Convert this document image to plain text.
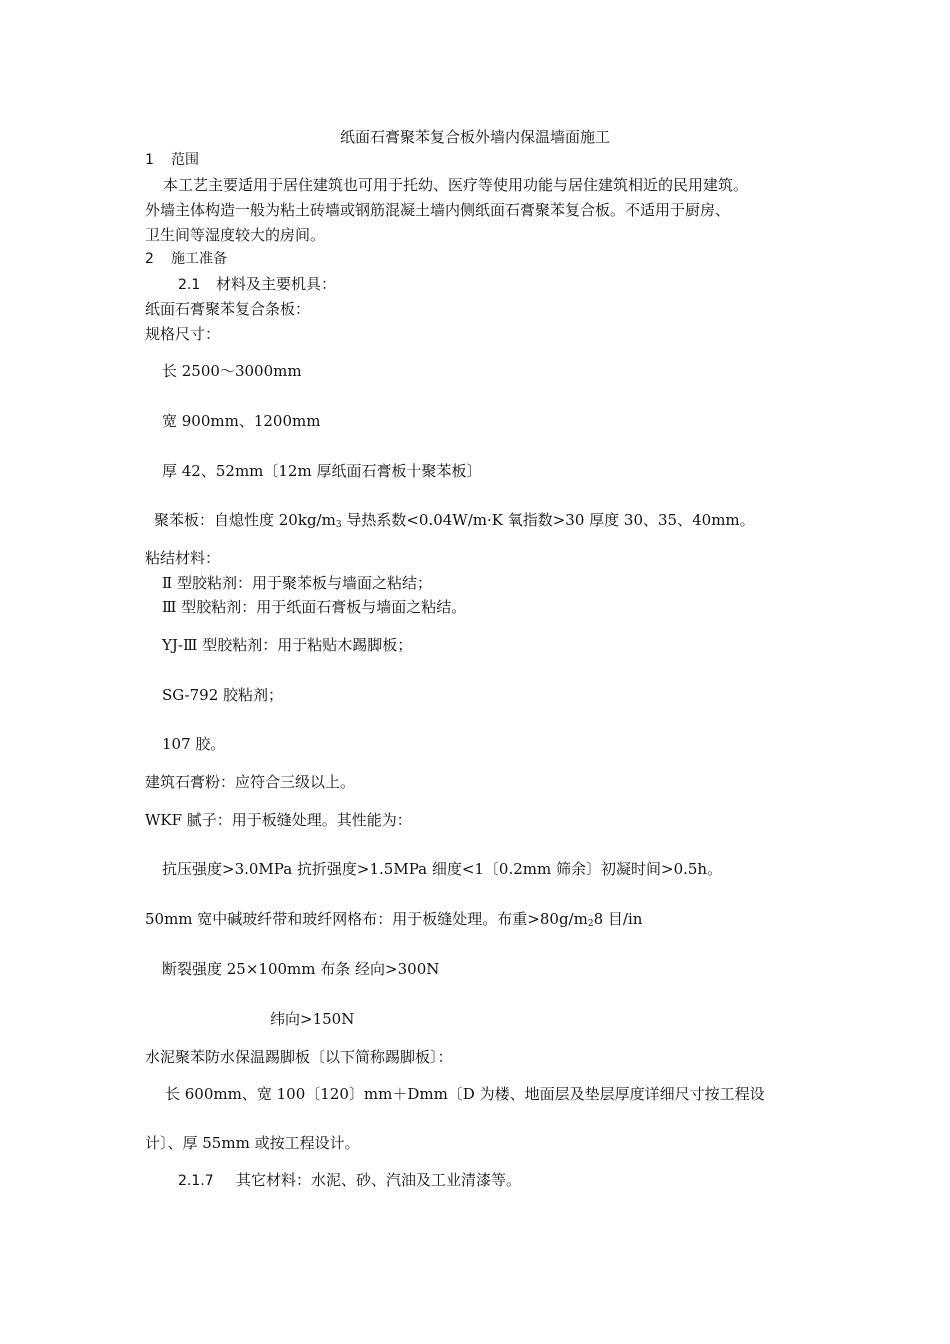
纸面石膏聚苯复合板外墙内保温墙面施工
1 范围
本工艺主要适用于居住建筑也可用于托幼、医疗等使用功能与居住建筑相近的民用建筑。
外墙主体构造一般为粘土砖墙或钢筋混凝土墙内侧纸面石膏聚苯复合板。不适用于厨房、
卫生间等湿度较大的房间。
2 施工准备
2.1 材料及主要机具：
纸面石膏聚苯复合条板：
规格尺寸：
长 2500～3000mm
宽 900mm、1200mm
厚 42、52mm〔12m 厚纸面石膏板十聚苯板〕
聚苯板：自熄性度 $20kg/m_3$ 导热系数<0.04W/m·K 氧指数>30 厚度 30、35、40mm。
粘结材料：
Ⅱ 型胶粘剂：用于聚苯板与墙面之粘结；
Ⅲ 型胶粘剂：用于纸面石膏板与墙面之粘结。
YJ-Ⅲ 型胶粘剂：用于粘贴木踢脚板；
SG-792 胶粘剂；
107 胶。
建筑石膏粉：应符合三级以上。
WKF 腻子：用于板缝处理。其性能为：
抗压强度>3.0MPa 抗折强度>1.5MPa 细度<1〔0.2mm 筛余〕初凝时间>0.5h。
50mm 宽中碱玻纤带和玻纤网格布：用于板缝处理。布重$>80g/m_28$ 目/in
断裂强度 25×100mm 布条 经向>300N
纬向>150N
水泥聚苯防水保温踢脚板〔以下简称踢脚板〕：
长 600mm、宽 100〔120〕mm＋Dmm〔D 为楼、地面层及垫层厚度详细尺寸按工程设
计〕、厚 55mm 或按工程设计。
2.1.7 其它材料：水泥、砂、汽油及工业清漆等。
